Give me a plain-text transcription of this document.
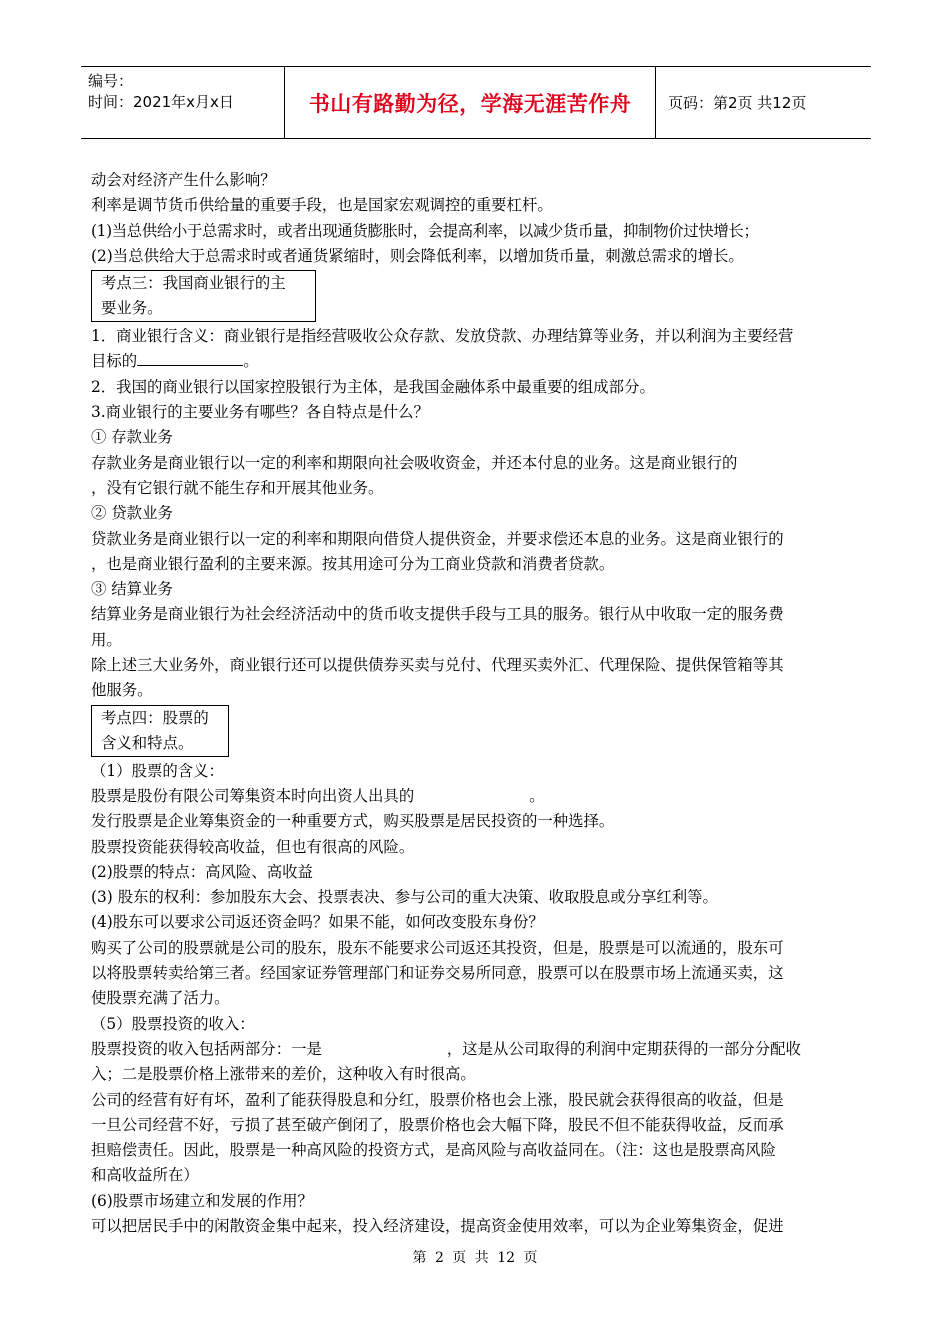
编号：
时间：2021年x月x日	书山有路勤为径，学海无涯苦作舟	页码：第2页 共12页

动会对经济产生什么影响？

利率是调节货币供给量的重要手段，也是国家宏观调控的重要杠杆。

(1)当总供给小于总需求时，或者出现通货膨胀时，会提高利率，以减少货币量，抑制物价过快增长；

(2)当总供给大于总需求时或者通货紧缩时，则会降低利率，以增加货币量，刺激总需求的增长。

考点三：我国商业银行的主
要业务。

1．商业银行含义：商业银行是指经营吸收公众存款、发放贷款、办理结算等业务，并以利润为主要经营

目标的	。

2．我国的商业银行以国家控股银行为主体，是我国金融体系中最重要的组成部分。

3.商业银行的主要业务有哪些？各自特点是什么？

① 存款业务

存款业务是商业银行以一定的利率和期限向社会吸收资金，并还本付息的业务。这是商业银行的

，没有它银行就不能生存和开展其他业务。

② 贷款业务

贷款业务是商业银行以一定的利率和期限向借贷人提供资金，并要求偿还本息的业务。这是商业银行的

，也是商业银行盈利的主要来源。按其用途可分为工商业贷款和消费者贷款。

③ 结算业务

结算业务是商业银行为社会经济活动中的货币收支提供手段与工具的服务。银行从中收取一定的服务费

用。

除上述三大业务外，商业银行还可以提供债券买卖与兑付、代理买卖外汇、代理保险、提供保管箱等其

他服务。

考点四：股票的
含义和特点。

（1）股票的含义：

股票是股份有限公司筹集资本时向出资人出具的	。

发行股票是企业筹集资金的一种重要方式，购买股票是居民投资的一种选择。

股票投资能获得较高收益，但也有很高的风险。

(2)股票的特点：高风险、高收益

(3) 股东的权利：参加股东大会、投票表决、参与公司的重大决策、收取股息或分享红利等。

(4)股东可以要求公司返还资金吗？如果不能，如何改变股东身份？

购买了公司的股票就是公司的股东，股东不能要求公司返还其投资，但是，股票是可以流通的，股东可

以将股票转卖给第三者。经国家证券管理部门和证券交易所同意，股票可以在股票市场上流通买卖，这

使股票充满了活力。

（5）股票投资的收入：

股票投资的收入包括两部分：一是	，这是从公司取得的利润中定期获得的一部分分配收

入；二是股票价格上涨带来的差价，这种收入有时很高。

公司的经营有好有坏，盈利了能获得股息和分红，股票价格也会上涨，股民就会获得很高的收益，但是

一旦公司经营不好，亏损了甚至破产倒闭了，股票价格也会大幅下降，股民不但不能获得收益，反而承

担赔偿责任。因此，股票是一种高风险的投资方式，是高风险与高收益同在。（注：这也是股票高风险

和高收益所在）

(6)股票市场建立和发展的作用？

可以把居民手中的闲散资金集中起来，投入经济建设，提高资金使用效率，可以为企业筹集资金，促进

第 2 页 共 12 页
